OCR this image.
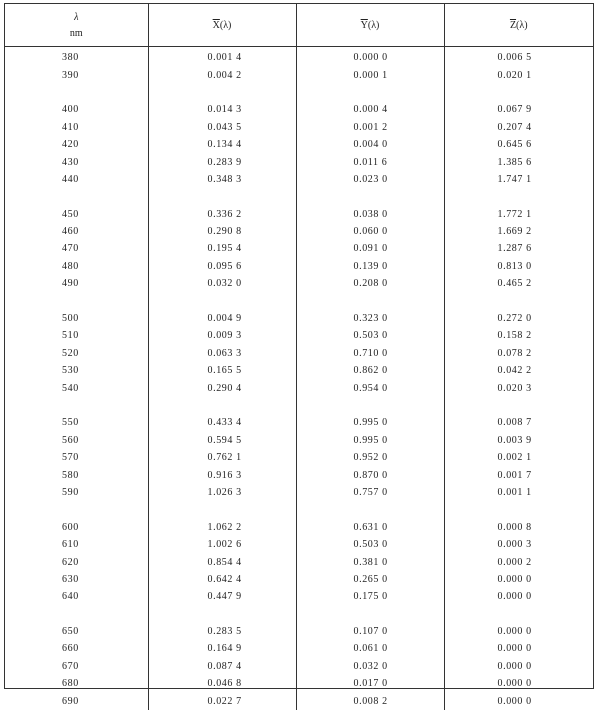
λ
nm	$\overline{X}(\lambda)$	$\overline{Y}(\lambda)$	$\overline{Z}(\lambda)$
380	0.001 4	0.000 0	0.006 5
390	0.004 2	0.000 1	0.020 1

400	0.014 3	0.000 4	0.067 9
410	0.043 5	0.001 2	0.207 4
420	0.134 4	0.004 0	0.645 6
430	0.283 9	0.011 6	1.385 6
440	0.348 3	0.023 0	1.747 1

450	0.336 2	0.038 0	1.772 1
460	0.290 8	0.060 0	1.669 2
470	0.195 4	0.091 0	1.287 6
480	0.095 6	0.139 0	0.813 0
490	0.032 0	0.208 0	0.465 2

500	0.004 9	0.323 0	0.272 0
510	0.009 3	0.503 0	0.158 2
520	0.063 3	0.710 0	0.078 2
530	0.165 5	0.862 0	0.042 2
540	0.290 4	0.954 0	0.020 3

550	0.433 4	0.995 0	0.008 7
560	0.594 5	0.995 0	0.003 9
570	0.762 1	0.952 0	0.002 1
580	0.916 3	0.870 0	0.001 7
590	1.026 3	0.757 0	0.001 1

600	1.062 2	0.631 0	0.000 8
610	1.002 6	0.503 0	0.000 3
620	0.854 4	0.381 0	0.000 2
630	0.642 4	0.265 0	0.000 0
640	0.447 9	0.175 0	0.000 0

650	0.283 5	0.107 0	0.000 0
660	0.164 9	0.061 0	0.000 0
670	0.087 4	0.032 0	0.000 0
680	0.046 8	0.017 0	0.000 0
690	0.022 7	0.008 2	0.000 0
